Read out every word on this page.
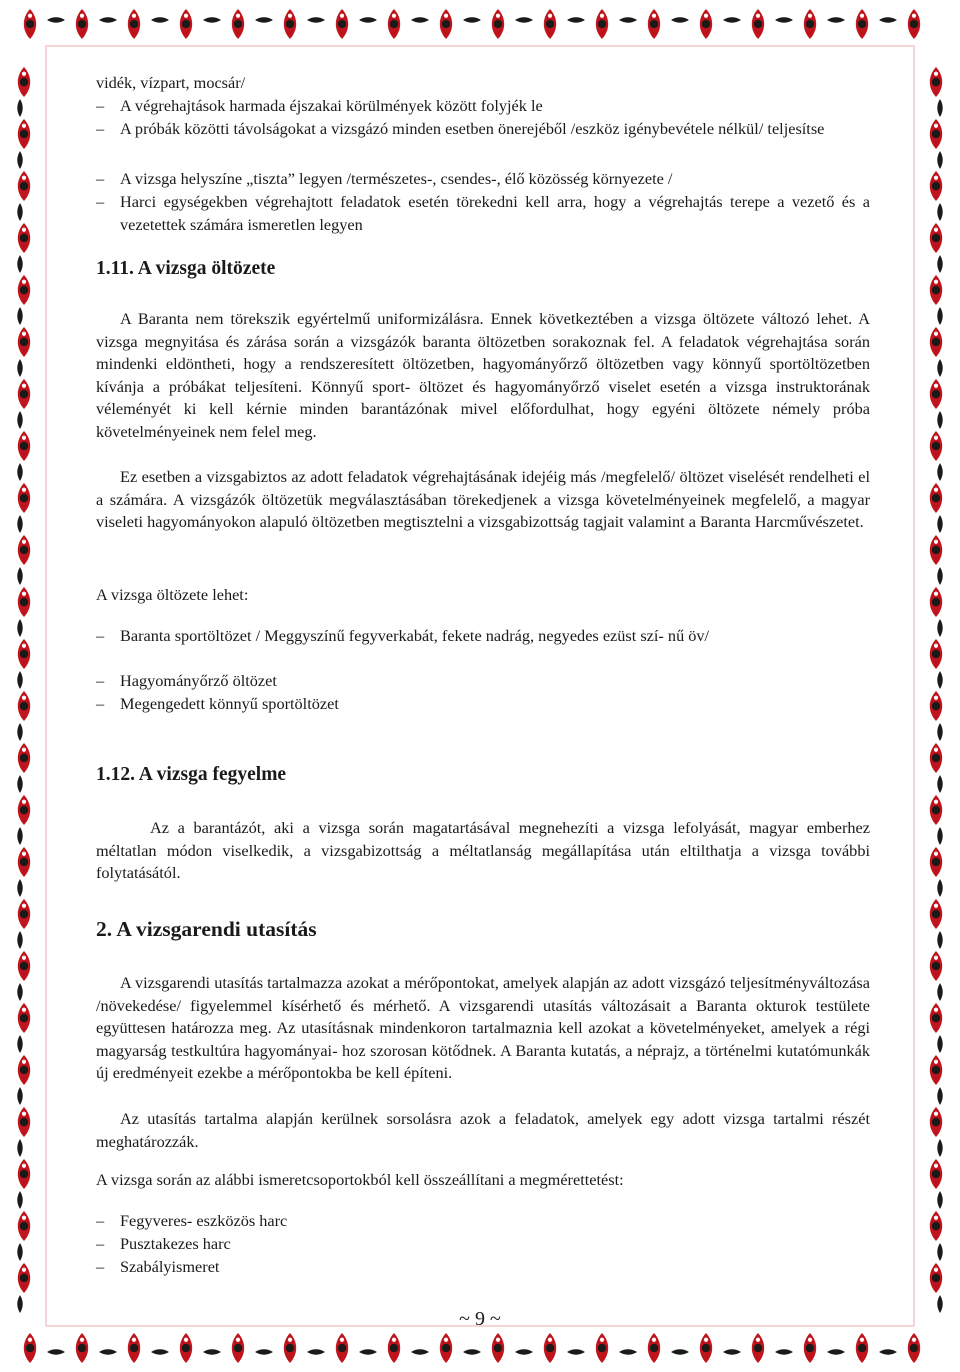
vidék, vízpart, mocsár/
– A végrehajtások harmada éjszakai körülmények között folyjék le
– A próbák közötti távolságokat a vizsgázó minden esetben önerejéből /eszköz igénybevétele nélkül/ teljesítse
– A vizsga helyszíne „tiszta” legyen /természetes-, csendes-, élő közösség környezete /
– Harci egységekben végrehajtott feladatok esetén törekedni kell arra, hogy a végrehajtás terepe a vezető és a vezetettek számára ismeretlen legyen
1.11. A vizsga öltözete

A Baranta nem törekszik egyértelmű uniformizálásra. Ennek következtében a vizsga öltözete változó lehet. A vizsga megnyitása és zárása során a vizsgázók baranta öltözetben sorakoznak fel. A feladatok végrehajtása során mindenki eldöntheti, hogy a rendszeresített öltözetben, hagyományőrző öltözetben vagy könnyű sportöltözetben kívánja a próbákat teljesíteni. Könnyű sport- öltözet és hagyományőrző viselet esetén a vizsga instruktorának véleményét ki kell kérnie minden barantázónak mivel előfordulhat, hogy egyéni öltözete némely próba követelményeinek nem felel meg.

Ez esetben a vizsgabiztos az adott feladatok végrehajtásának idejéig más /megfelelő/ öltözet viselését rendelheti el a számára. A vizsgázók öltözetük megválasztásában törekedjenek a vizsga követelményeinek megfelelő, a magyar viseleti hagyományokon alapuló öltözetben megtisztelni a vizsgabizottság tagjait valamint a Baranta Harcművészetet.

A vizsga öltözete lehet:
– Baranta sportöltözet / Meggyszínű fegyverkabát, fekete nadrág, negyedes ezüst szí- nű öv/
– Hagyományőrző öltözet
– Megengedett könnyű sportöltözet
1.12. A vizsga fegyelme

Az a barantázót, aki a vizsga során magatartásával megnehezíti a vizsga lefolyását, magyar emberhez méltatlan módon viselkedik, a vizsgabizottság a méltatlanság megállapítása után eltilthatja a vizsga további folytatásától.

2. A vizsgarendi utasítás

A vizsgarendi utasítás tartalmazza azokat a mérőpontokat, amelyek alapján az adott vizsgázó teljesítményváltozása /növekedése/ figyelemmel kísérhető és mérhető. A vizsgarendi utasítás változásait a Baranta okturok testülete együttesen határozza meg. Az utasításnak mindenkoron tartalmaznia kell azokat a követelményeket, amelyek a régi magyarság testkultúra hagyományai- hoz szorosan kötődnek. A Baranta kutatás, a néprajz, a történelmi kutatómunkák új eredményeit ezekbe a mérőpontokba be kell építeni.

Az utasítás tartalma alapján kerülnek sorsolásra azok a feladatok, amelyek egy adott vizsga tartalmi részét meghatározzák.

A vizsga során az alábbi ismeretcsoportokból kell összeállítani a megmérettetést:
– Fegyveres- eszközös harc
– Pusztakezes harc
– Szabályismeret
~ 9 ~
